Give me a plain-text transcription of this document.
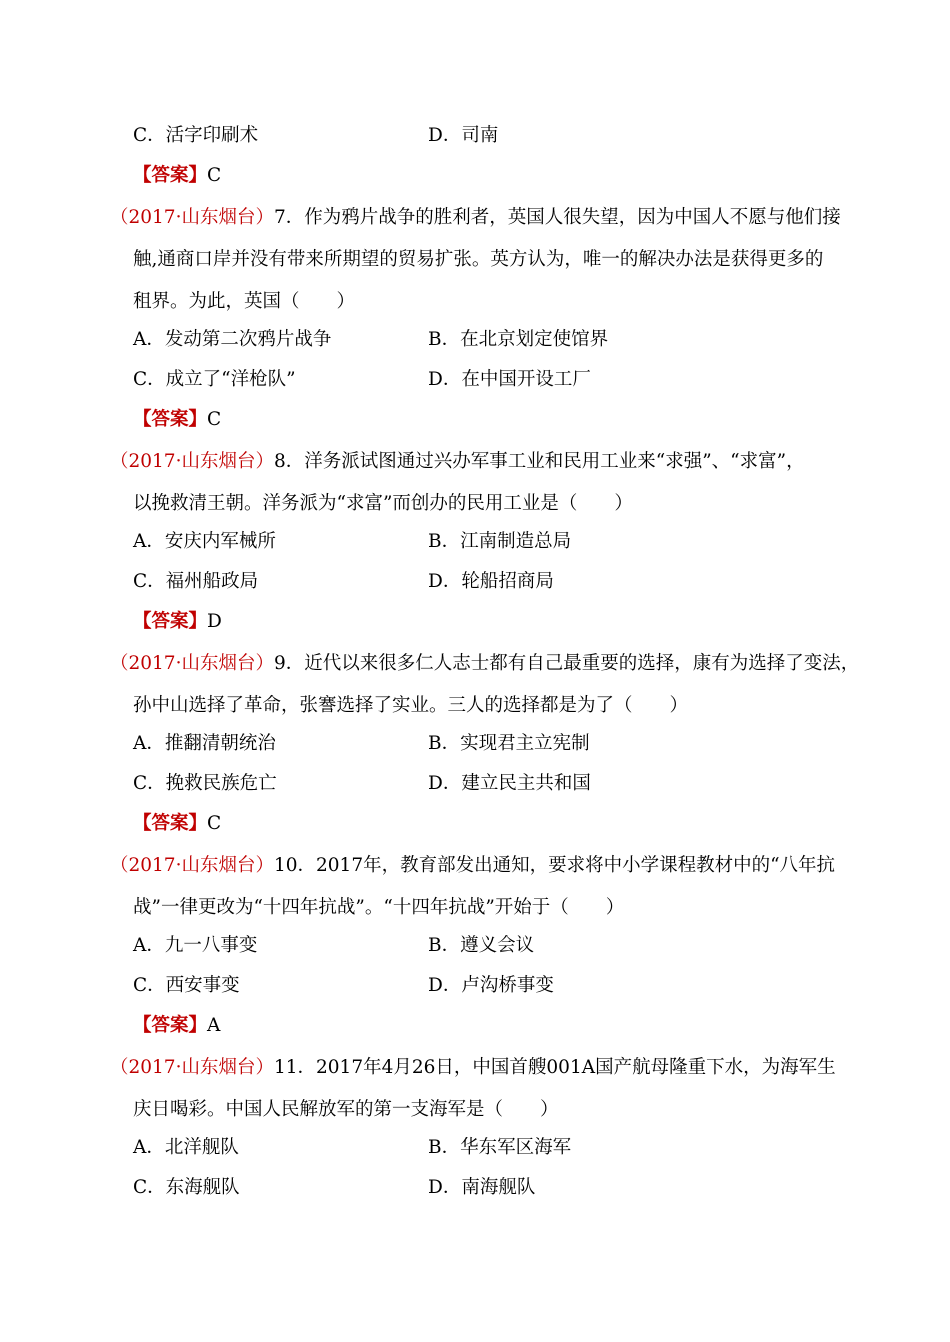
C．活字印刷术	D．司南
【答案】C
（2017·山东烟台）7．作为鸦片战争的胜利者，英国人很失望，因为中国人不愿与他们接
触,通商口岸并没有带来所期望的贸易扩张。英方认为，唯一的解决办法是获得更多的
租界。为此，英国（　　）
A．发动第二次鸦片战争	B．在北京划定使馆界
C．成立了“洋枪队”	D．在中国开设工厂
【答案】C
（2017·山东烟台）8．洋务派试图通过兴办军事工业和民用工业来“求强”、“求富”，
以挽救清王朝。洋务派为“求富”而创办的民用工业是（　　）
A．安庆内军械所	B．江南制造总局
C．福州船政局	D．轮船招商局
【答案】D
（2017·山东烟台）9．近代以来很多仁人志士都有自己最重要的选择，康有为选择了变法，
孙中山选择了革命，张謇选择了实业。三人的选择都是为了（　　）
A．推翻清朝统治	B．实现君主立宪制
C．挽救民族危亡	D．建立民主共和国
【答案】C
（2017·山东烟台）10．2017年，教育部发出通知，要求将中小学课程教材中的“八年抗
战”一律更改为“十四年抗战”。“十四年抗战”开始于（　　）
A．九一八事变	B．遵义会议
C．西安事变	D．卢沟桥事变
【答案】A
（2017·山东烟台）11．2017年4月26日，中国首艘001A国产航母隆重下水，为海军生
庆日喝彩。中国人民解放军的第一支海军是（　　）
A．北洋舰队	B．华东军区海军
C．东海舰队	D．南海舰队
